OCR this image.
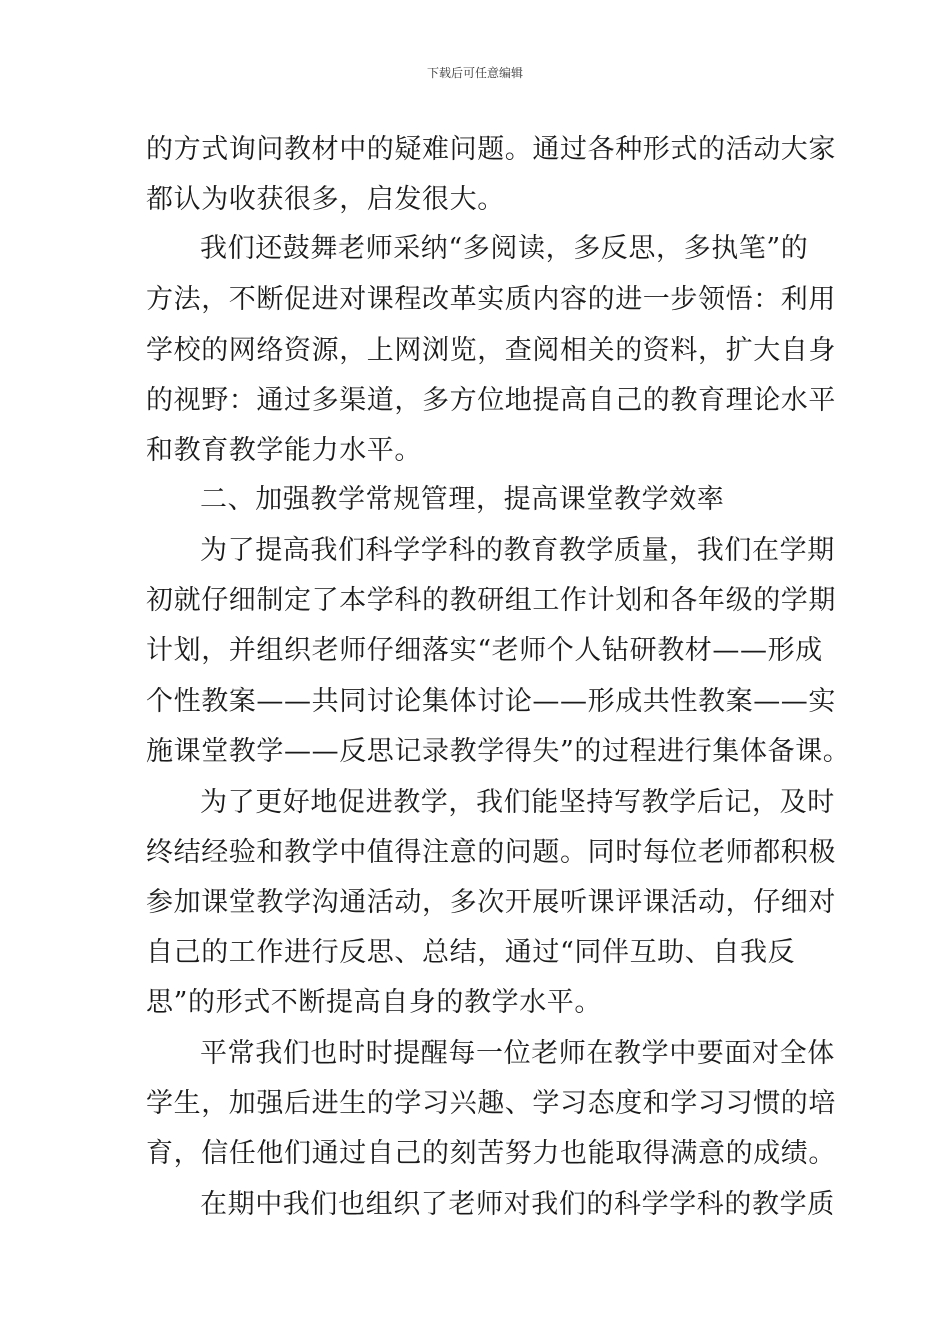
下载后可任意编辑
的方式询问教材中的疑难问题。通过各种形式的活动大家
都认为收获很多，启发很大。
我们还鼓舞老师采纳“多阅读，多反思，多执笔”的
方法，不断促进对课程改革实质内容的进一步领悟：利用
学校的网络资源，上网浏览，查阅相关的资料，扩大自身
的视野：通过多渠道，多方位地提高自己的教育理论水平
和教育教学能力水平。
二、加强教学常规管理，提高课堂教学效率
为了提高我们科学学科的教育教学质量，我们在学期
初就仔细制定了本学科的教研组工作计划和各年级的学期
计划，并组织老师仔细落实“老师个人钻研教材——形成
个性教案——共同讨论集体讨论——形成共性教案——实
施课堂教学——反思记录教学得失”的过程进行集体备课。
为了更好地促进教学，我们能坚持写教学后记，及时
终结经验和教学中值得注意的问题。同时每位老师都积极
参加课堂教学沟通活动，多次开展听课评课活动，仔细对
自己的工作进行反思、总结，通过“同伴互助、自我反
思”的形式不断提高自身的教学水平。
平常我们也时时提醒每一位老师在教学中要面对全体
学生，加强后进生的学习兴趣、学习态度和学习习惯的培
育，信任他们通过自己的刻苦努力也能取得满意的成绩。
在期中我们也组织了老师对我们的科学学科的教学质
